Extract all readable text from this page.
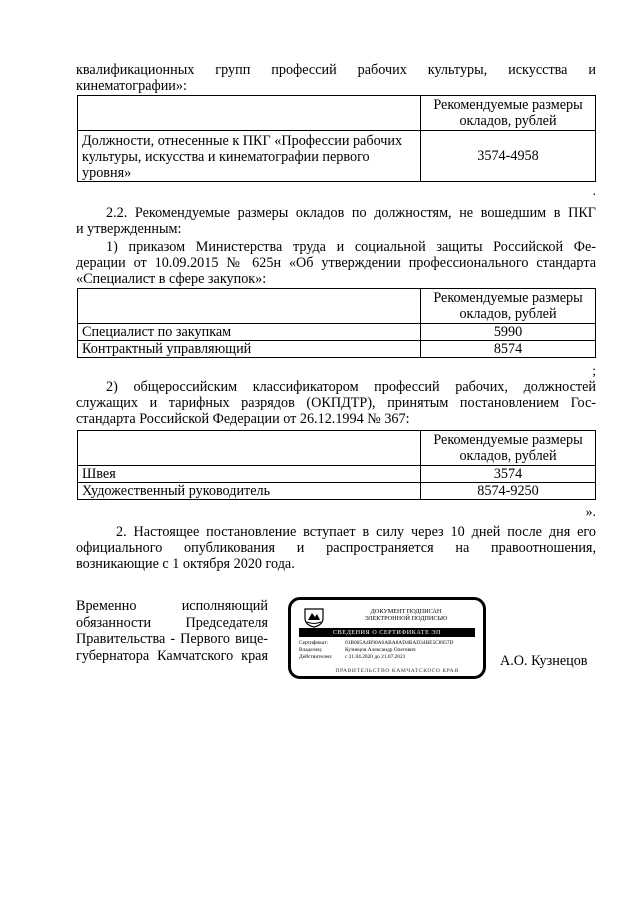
квалификационных групп профессий рабочих культуры, искусства и
кинематографии»:
	Рекомендуемые размеры окладов, рублей
Должности, отнесенные к ПКГ «Профессии рабочих культуры, искусства и кинематографии первого уровня»	3574-4958
.
2.2. Рекомендуемые размеры окладов по должностям, не вошедшим в ПКГ
и утвержденным:
1) приказом Министерства труда и социальной защиты Российской Фе-
дерации от 10.09.2015 № 625н «Об утверждении профессионального стандарта
«Специалист в сфере закупок»:
	Рекомендуемые размеры окладов, рублей
Специалист по закупкам	5990
Контрактный управляющий	8574
;
2) общероссийским классификатором профессий рабочих, должностей
служащих и тарифных разрядов (ОКПДТР), принятым постановлением Гос-
стандарта Российской Федерации от 26.12.1994 № 367:
	Рекомендуемые размеры окладов, рублей
Швея	3574
Художественный руководитель	8574-9250
».
2. Настоящее постановление вступает в силу через 10 дней после дня его
официального опубликования и распространяется на правоотношения,
возникающие с 1 октября 2020 года.
Временно исполняющий
обязанности Председателя
Правительства - Первого вице-
губернатора Камчатского края
ДОКУМЕНТ ПОДПИСАН
ЭЛЕКТРОННОЙ ПОДПИСЬЮ
СВЕДЕНИЯ О СЕРТИФИКАТЕ ЭП
Сертификат:	01B065A4B90A6ABA8AD4BAD34BE5C8957D
Владелец:	Кузнецов Александр Олегович
Действителен: с 21.04.2020 до 21.07.2021
ПРАВИТЕЛЬСТВО КАМЧАТСКОГО КРАЯ
А.О. Кузнецов
